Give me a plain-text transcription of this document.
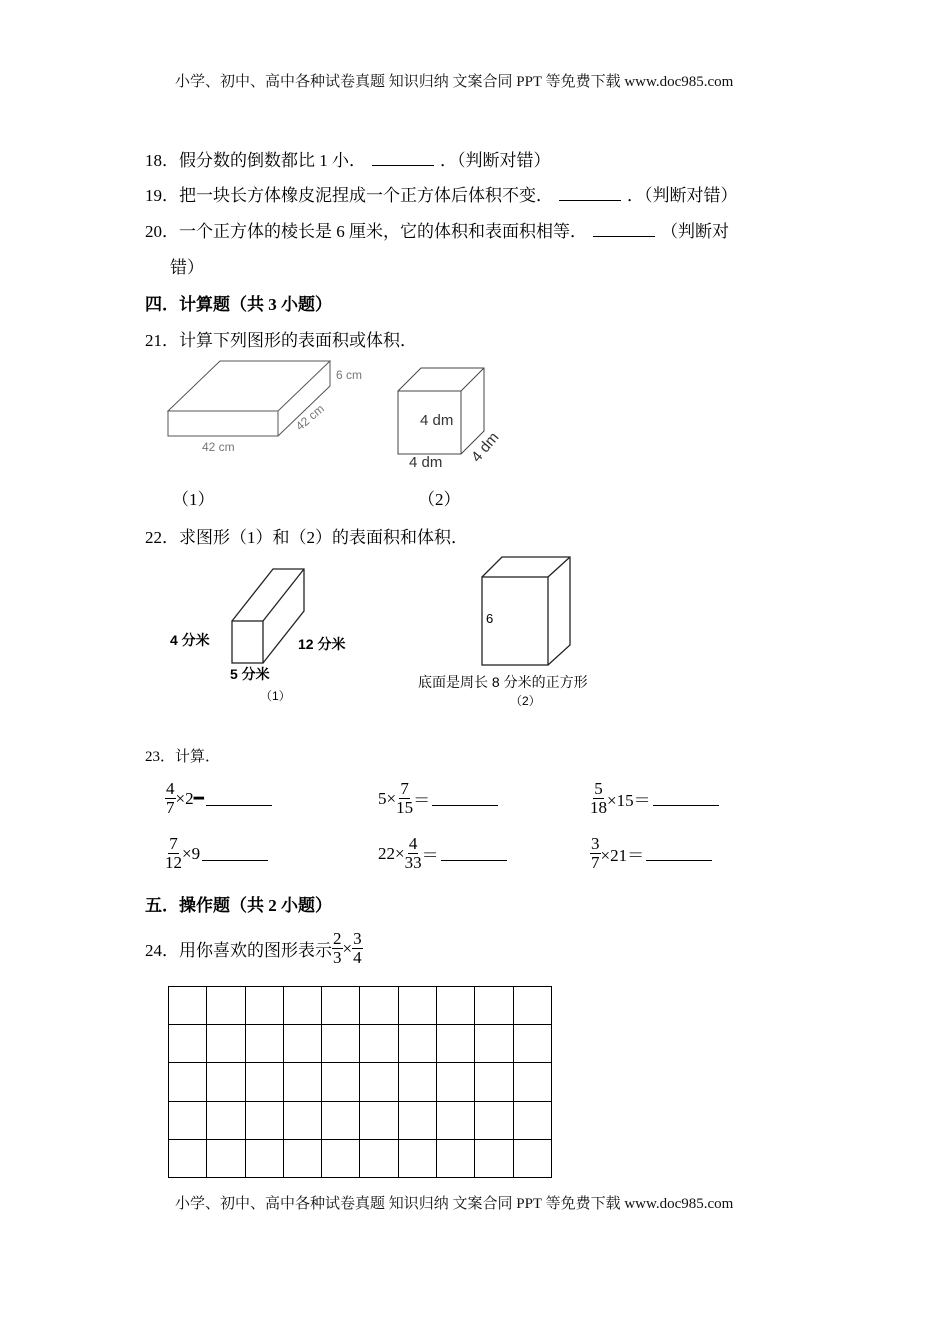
小学、初中、高中各种试卷真题 知识归纳 文案合同 PPT 等免费下载 www.doc985.com
18．假分数的倒数都比 1 小．	．（判断对错）
19．把一块长方体橡皮泥捏成一个正方体后体积不变．	．（判断对错）
20．一个正方体的棱长是 6 厘米，它的体积和表面积相等．	（判断对
错）
四．计算题（共 3 小题）
21．计算下列图形的表面积或体积．
6 cm
42 cm
42 cm
4 dm
4 dm 4 dm
（1）	（2）
22．求图形（1）和（2）的表面积和体积．
4 分米
5 分米
12 分米
（1）
6
底面是周长 8 分米的正方形
（2）
23．计算．
$\frac{4}{7}$ ×2━	$5\times \frac{7}{15}$ ＝	$\frac{5}{18} \times 15=$
$\frac{7}{12} \times 9$	$22\times \frac{4}{33}$ ＝	$\frac{3}{7} \times 21=$
五．操作题（共 2 小题）
24．用你喜欢的图形表示 $\frac{2}{3} \times \frac{3}{4}$
小学、初中、高中各种试卷真题 知识归纳 文案合同 PPT 等免费下载 www.doc985.com
